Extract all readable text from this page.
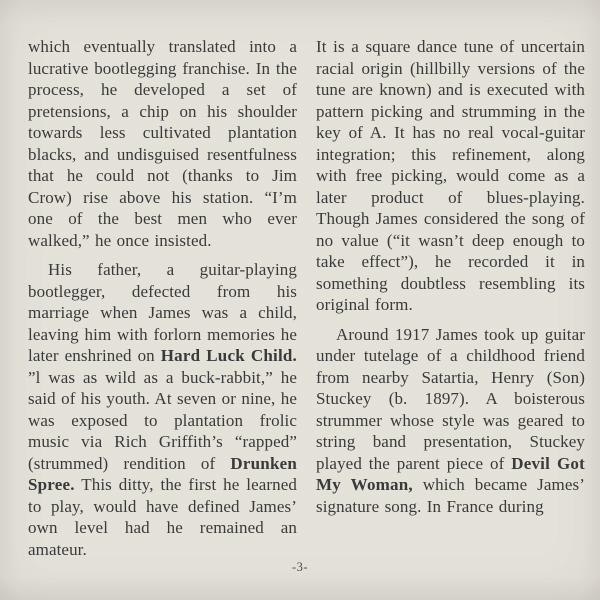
which eventually translated into a lucrative bootlegging franchise. In the process, he developed a set of pretensions, a chip on his shoulder towards less cultivated plantation blacks, and undisguised resentfulness that he could not (thanks to Jim Crow) rise above his station. “I’m one of the best men who ever walked,” he once insisted.

His father, a guitar-playing bootlegger, defected from his marriage when James was a child, leaving him with forlorn memories he later enshrined on Hard Luck Child. ”l was as wild as a buck-rabbit,” he said of his youth. At seven or nine, he was exposed to plantation frolic music via Rich Griffith’s “rapped” (strummed) rendition of Drunken Spree. This ditty, the first he learned to play, would have defined James’ own level had he remained an amateur.

It is a square dance tune of uncertain racial origin (hillbilly versions of the tune are known) and is executed with pattern picking and strumming in the key of A. It has no real vocal-guitar integration; this refinement, along with free picking, would come as a later product of blues-playing. Though James considered the song of no value (“it wasn’t deep enough to take effect”), he recorded it in something doubtless resembling its original form.

Around 1917 James took up guitar under tutelage of a childhood friend from nearby Satartia, Henry (Son) Stuckey (b. 1897). A boisterous strummer whose style was geared to string band presentation, Stuckey played the parent piece of Devil Got My Woman, which became James’ signature song. In France during

-3-
